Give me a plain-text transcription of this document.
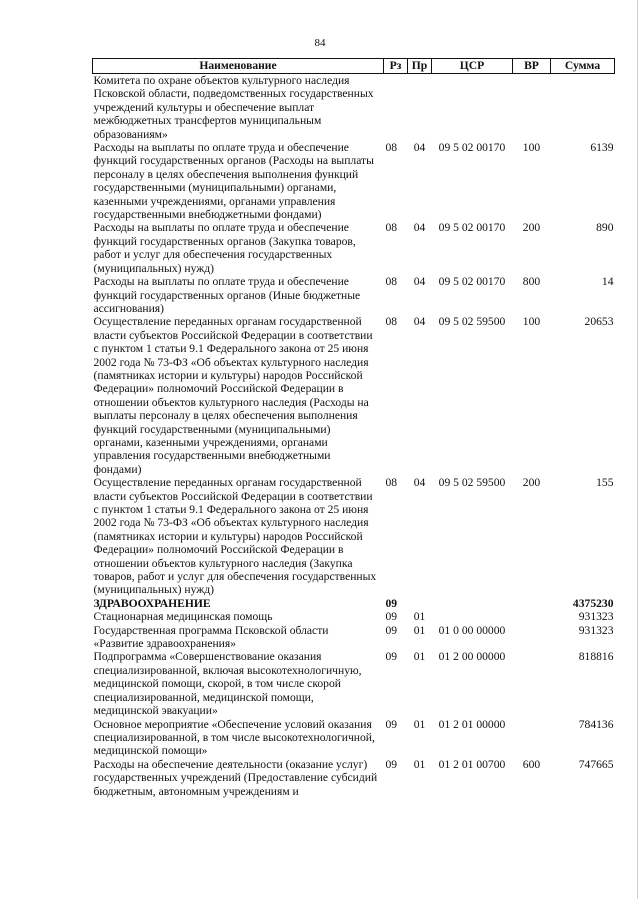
84
Наименование	Рз	Пр	ЦСР	ВР	Сумма
Комитета по охране объектов культурного наследия Псковской области, подведомственных государственных учреждений культуры и обеспечение выплат межбюджетных трансфертов муниципальным образованиям»					
Расходы на выплаты по оплате труда и обеспечение функций государственных органов (Расходы на выплаты персоналу в целях обеспечения выполнения функций государственными (муниципальными) органами, казенными учреждениями, органами управления государственными внебюджетными фондами)	08	04	09 5 02 00170	100	6139
Расходы на выплаты по оплате труда и обеспечение функций государственных органов (Закупка товаров, работ и услуг для обеспечения государственных (муниципальных) нужд)	08	04	09 5 02 00170	200	890
Расходы на выплаты по оплате труда и обеспечение функций государственных органов (Иные бюджетные ассигнования)	08	04	09 5 02 00170	800	14
Осуществление переданных органам государственной власти субъектов Российской Федерации в соответствии с пунктом 1 статьи 9.1 Федерального закона от 25 июня 2002 года № 73-ФЗ «Об объектах культурного наследия (памятниках истории и культуры) народов Российской Федерации» полномочий Российской Федерации в отношении объектов культурного наследия (Расходы на выплаты персоналу в целях обеспечения выполнения функций государственными (муниципальными) органами, казенными учреждениями, органами управления государственными внебюджетными фондами)	08	04	09 5 02 59500	100	20653
Осуществление переданных органам государственной власти субъектов Российской Федерации в соответствии с пунктом 1 статьи 9.1 Федерального закона от 25 июня 2002 года № 73-ФЗ «Об объектах культурного наследия (памятниках истории и культуры) народов Российской Федерации» полномочий Российской Федерации в отношении объектов культурного наследия (Закупка товаров, работ и услуг для обеспечения государственных (муниципальных) нужд)	08	04	09 5 02 59500	200	155
ЗДРАВООХРАНЕНИЕ	09				4375230
Стационарная медицинская помощь	09	01			931323
Государственная программа Псковской области «Развитие здравоохранения»	09	01	01 0 00 00000		931323
Подпрограмма «Совершенствование оказания специализированной, включая высокотехнологичную, медицинской помощи, скорой, в том числе скорой специализированной, медицинской помощи, медицинской эвакуации»	09	01	01 2 00 00000		818816
Основное мероприятие «Обеспечение условий оказания специализированной, в том числе высокотехнологичной, медицинской помощи»	09	01	01 2 01 00000		784136
Расходы на обеспечение деятельности (оказание услуг) государственных учреждений (Предоставление субсидий бюджетным, автономным учреждениям и	09	01	01 2 01 00700	600	747665
